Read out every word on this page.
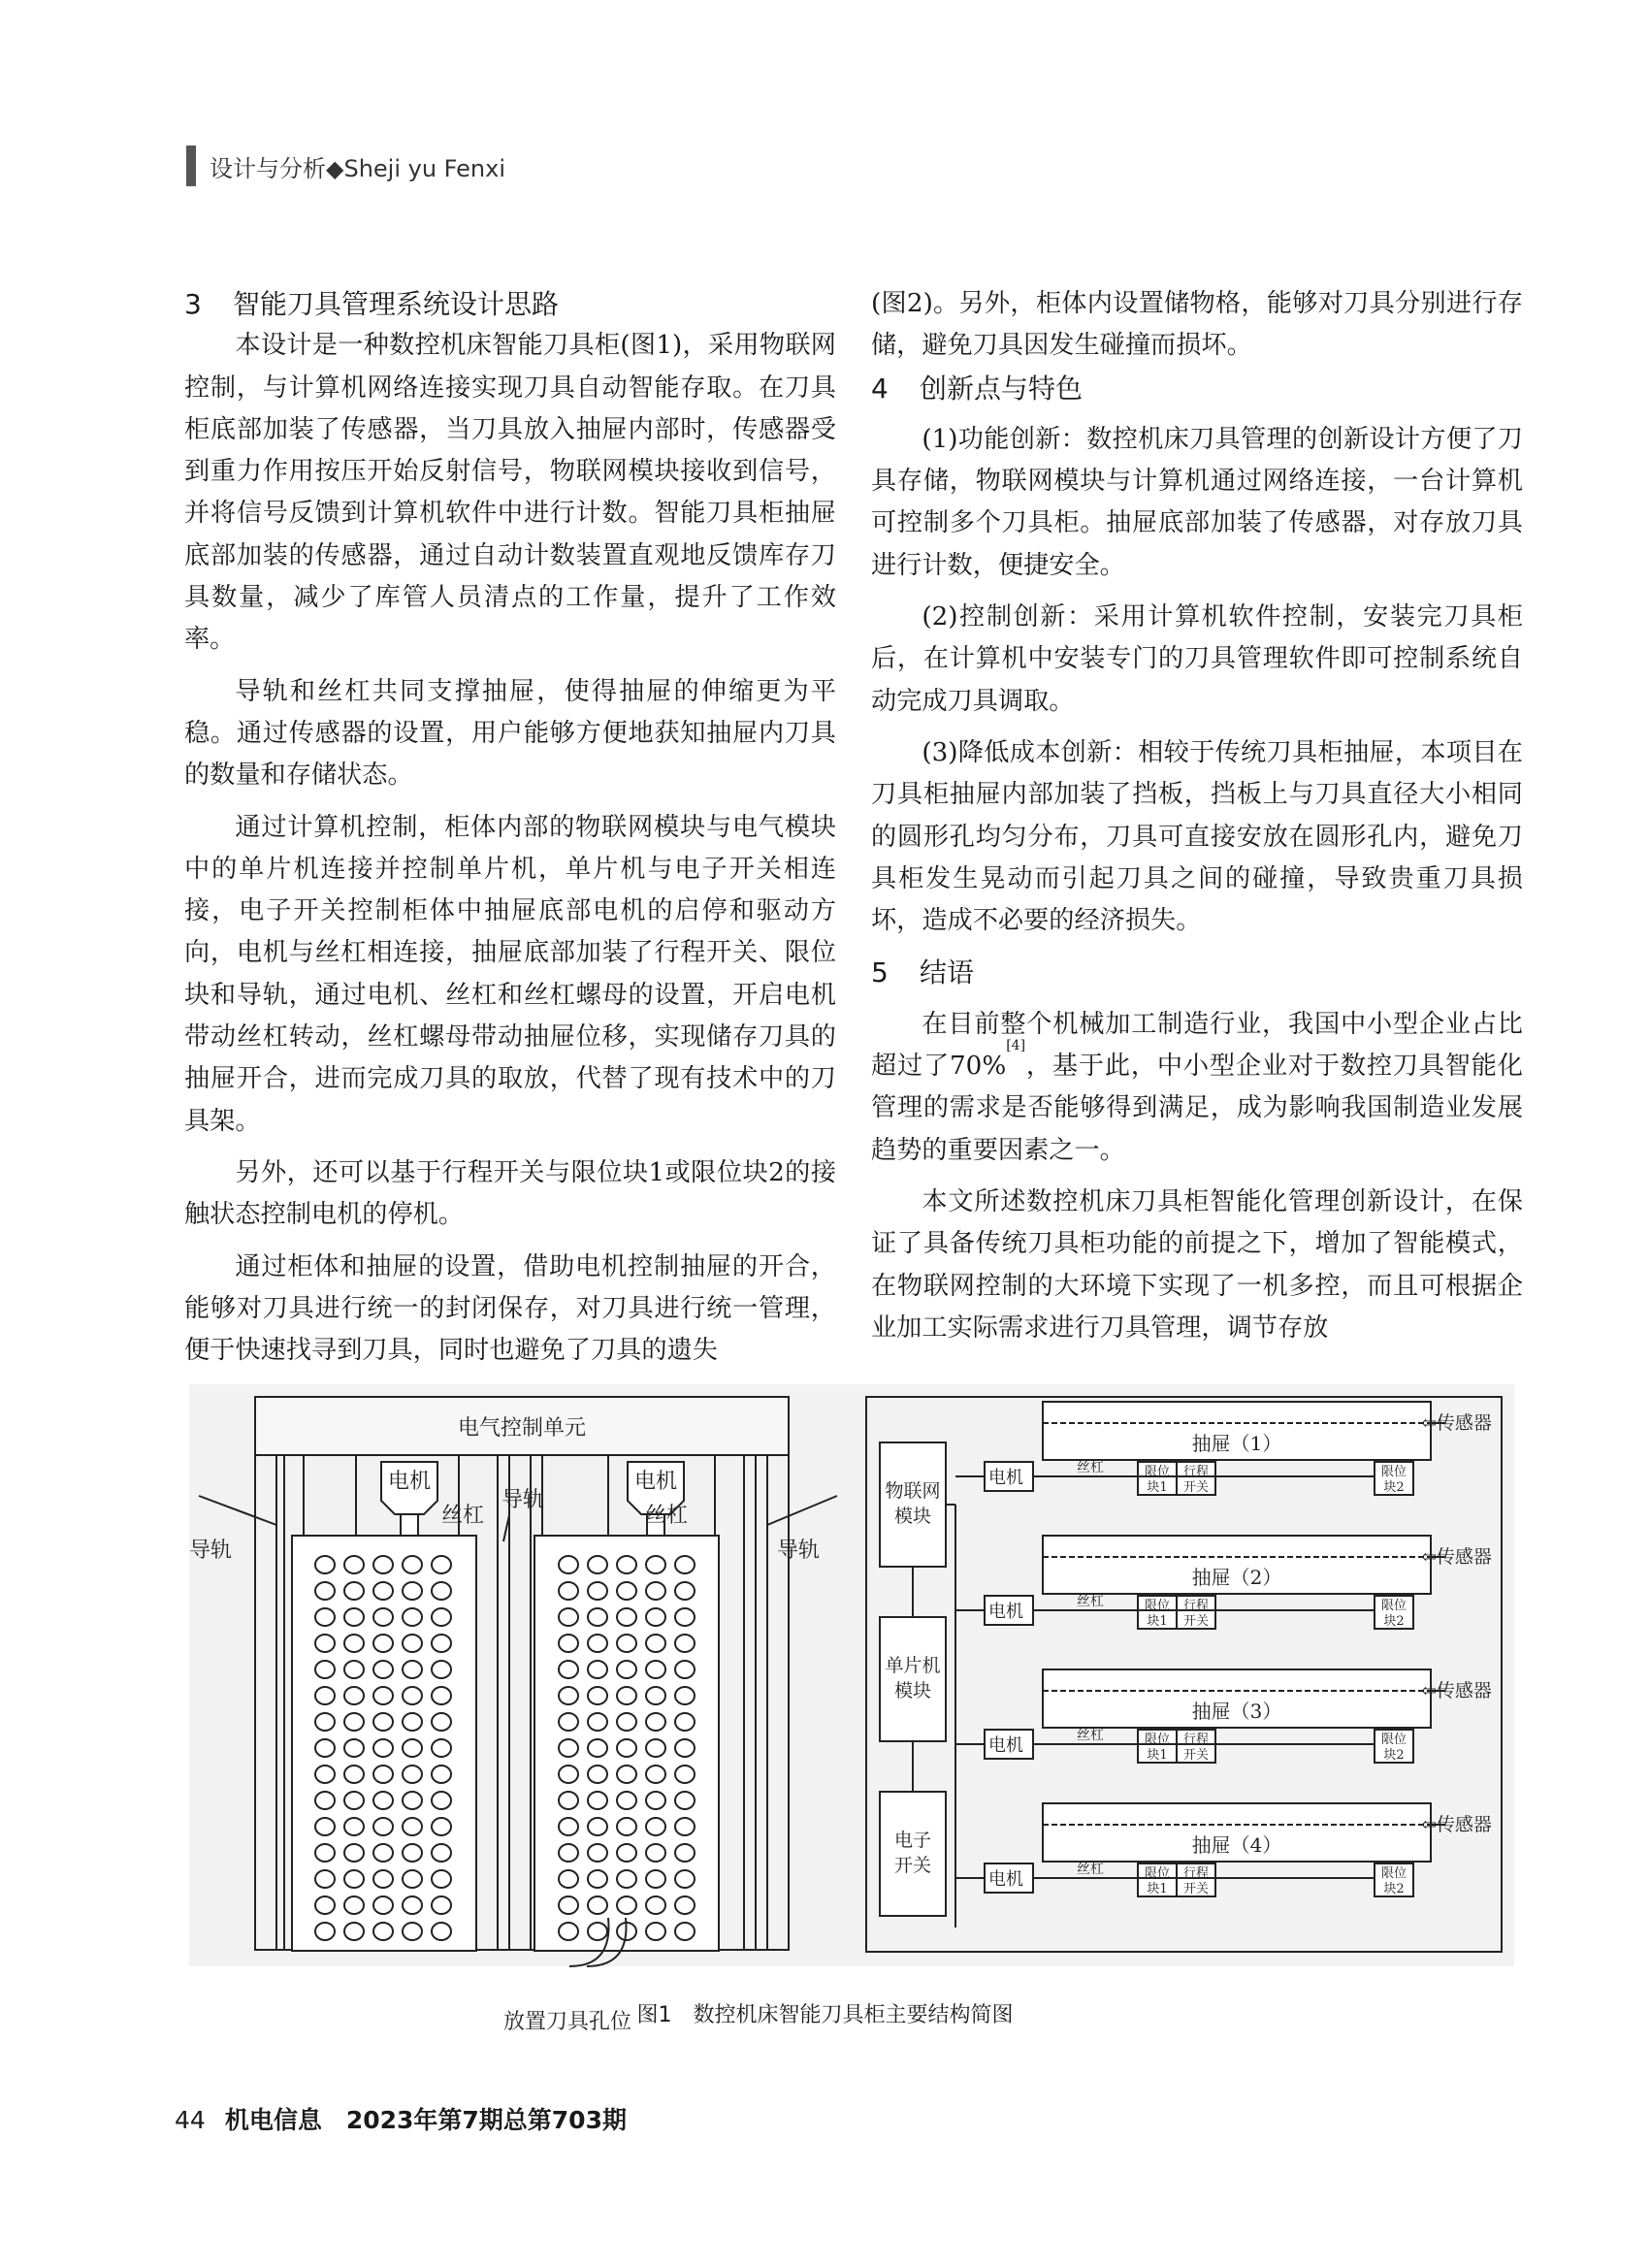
设计与分析◆Sheji yu Fenxi
3 智能刀具管理系统设计思路

本设计是一种数控机床智能刀具柜(图1)，采用物联网控制，与计算机网络连接实现刀具自动智能存取。在刀具柜底部加装了传感器，当刀具放入抽屉内部时，传感器受到重力作用按压开始反射信号，物联网模块接收到信号，并将信号反馈到计算机软件中进行计数。智能刀具柜抽屉底部加装的传感器，通过自动计数装置直观地反馈库存刀具数量，减少了库管人员清点的工作量，提升了工作效率。

导轨和丝杠共同支撑抽屉，使得抽屉的伸缩更为平稳。通过传感器的设置，用户能够方便地获知抽屉内刀具的数量和存储状态。

通过计算机控制，柜体内部的物联网模块与电气模块中的单片机连接并控制单片机，单片机与电子开关相连接，电子开关控制柜体中抽屉底部电机的启停和驱动方向，电机与丝杠相连接，抽屉底部加装了行程开关、限位块和导轨，通过电机、丝杠和丝杠螺母的设置，开启电机带动丝杠转动，丝杠螺母带动抽屉位移，实现储存刀具的抽屉开合，进而完成刀具的取放，代替了现有技术中的刀具架。

另外，还可以基于行程开关与限位块1或限位块2的接触状态控制电机的停机。

通过柜体和抽屉的设置，借助电机控制抽屉的开合，能够对刀具进行统一的封闭保存，对刀具进行统一管理，便于快速找寻到刀具，同时也避免了刀具的遗失

(图2)。另外，柜体内设置储物格，能够对刀具分别进行存储，避免刀具因发生碰撞而损坏。

4 创新点与特色

(1)功能创新：数控机床刀具管理的创新设计方便了刀具存储，物联网模块与计算机通过网络连接，一台计算机可控制多个刀具柜。抽屉底部加装了传感器，对存放刀具进行计数，便捷安全。

(2)控制创新：采用计算机软件控制，安装完刀具柜后，在计算机中安装专门的刀具管理软件即可控制系统自动完成刀具调取。

(3)降低成本创新：相较于传统刀具柜抽屉，本项目在刀具柜抽屉内部加装了挡板，挡板上与刀具直径大小相同的圆形孔均匀分布，刀具可直接安放在圆形孔内，避免刀具柜发生晃动而引起刀具之间的碰撞，导致贵重刀具损坏，造成不必要的经济损失。

5 结语

在目前整个机械加工制造行业，我国中小型企业占比超过了70%[4]，基于此，中小型企业对于数控刀具智能化管理的需求是否能够得到满足，成为影响我国制造业发展趋势的重要因素之一。

本文所述数控机床刀具柜智能化管理创新设计，在保证了具备传统刀具柜功能的前提之下，增加了智能模式，在物联网控制的大环境下实现了一机多控，而且可根据企业加工实际需求进行刀具管理，调节存放

电气控制单元
电机	电机
丝杠	丝杠
导轨	导轨
导轨
放置刀具孔位
抽屉（1）
电机	丝杠	限位
块1
行程
开关
限位
块2
⇦传感器
抽屉（2）
电机	丝杠	限位
块1
行程
开关
限位
块2
⇦传感器
抽屉（3）
电机	丝杠	限位
块1
行程
开关
限位
块2
⇦传感器
抽屉（4）
电机	丝杠	限位
块1
行程
开关
限位
块2
⇦传感器
物联网
模块
单片机
模块
电子
开关
图1　数控机床智能刀具柜主要结构简图
44 机电信息　2023年第7期总第703期
